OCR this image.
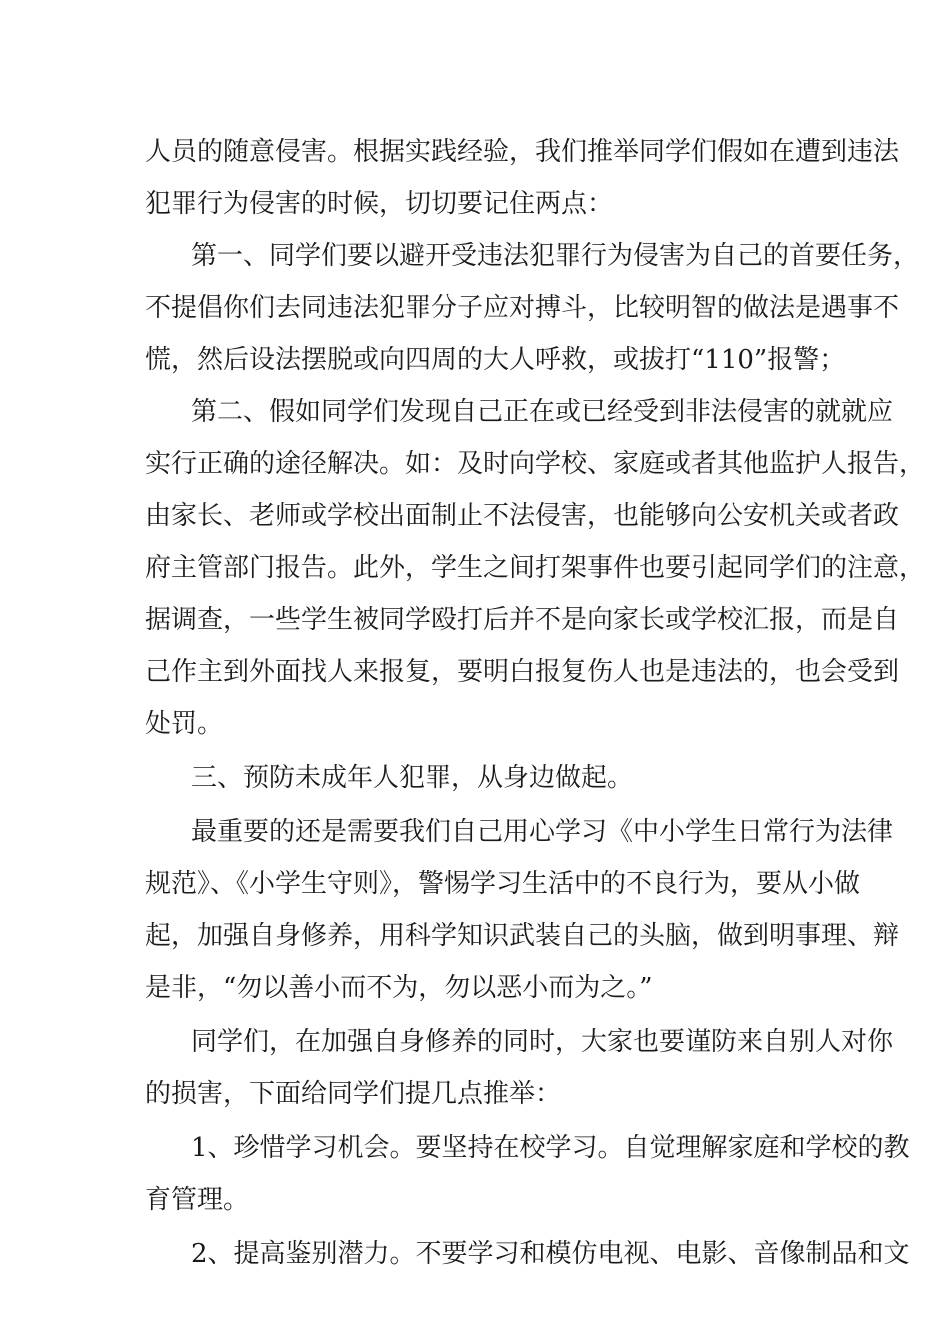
人员的随意侵害。根据实践经验，我们推举同学们假如在遭到违法
犯罪行为侵害的时候，切切要记住两点：
第一、同学们要以避开受违法犯罪行为侵害为自己的首要任务，
不提倡你们去同违法犯罪分子应对搏斗，比较明智的做法是遇事不
慌，然后设法摆脱或向四周的大人呼救，或拔打“110”报警；
第二、假如同学们发现自己正在或已经受到非法侵害的就就应
实行正确的途径解决。如：及时向学校、家庭或者其他监护人报告，
由家长、老师或学校出面制止不法侵害，也能够向公安机关或者政
府主管部门报告。此外，学生之间打架事件也要引起同学们的注意，
据调查，一些学生被同学殴打后并不是向家长或学校汇报，而是自
己作主到外面找人来报复，要明白报复伤人也是违法的，也会受到
处罚。
三、预防未成年人犯罪，从身边做起。
最重要的还是需要我们自己用心学习《中小学生日常行为法律
规范》、《小学生守则》，警惕学习生活中的不良行为，要从小做
起，加强自身修养，用科学知识武装自己的头脑，做到明事理、辩
是非，“勿以善小而不为，勿以恶小而为之。”
同学们，在加强自身修养的同时，大家也要谨防来自别人对你
的损害，下面给同学们提几点推举：
1、珍惜学习机会。要坚持在校学习。自觉理解家庭和学校的教
育管理。
2、提高鉴别潜力。不要学习和模仿电视、电影、音像制品和文
